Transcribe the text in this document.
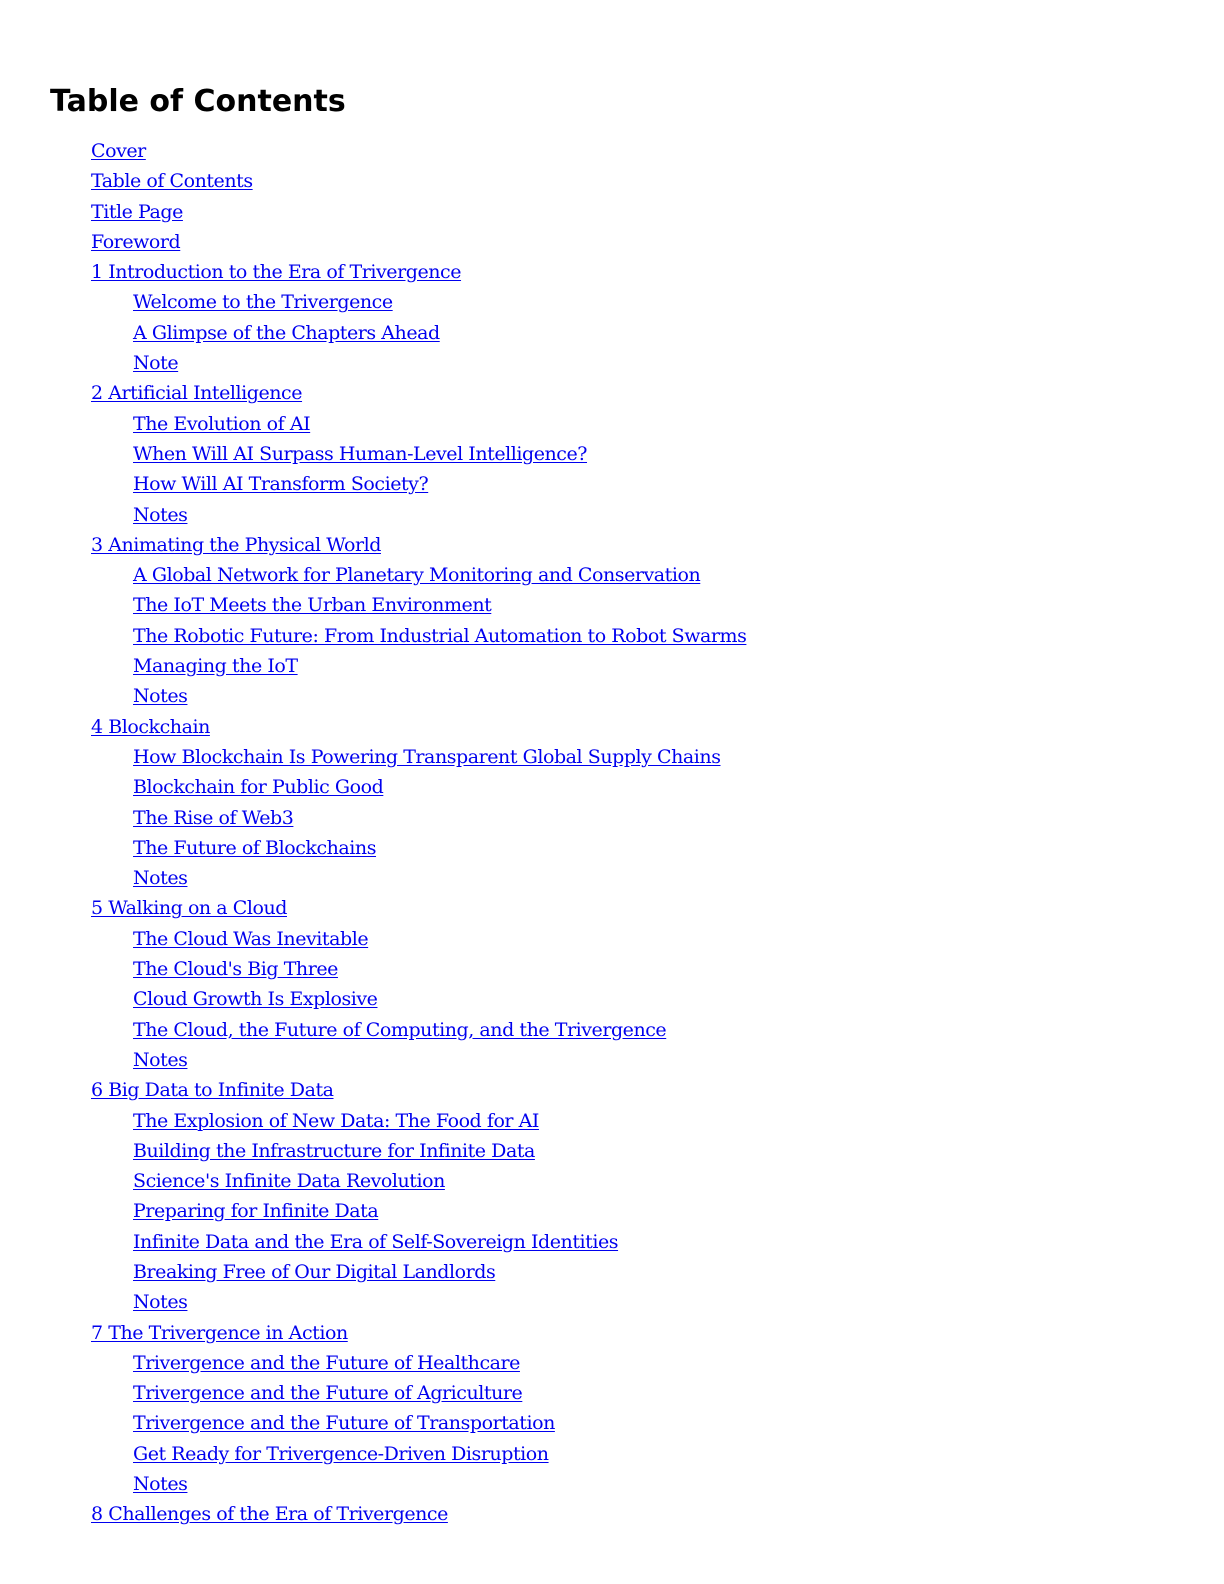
Table of Contents
Cover
Table of Contents
Title Page
Foreword
1 Introduction to the Era of Trivergence
Welcome to the Trivergence
A Glimpse of the Chapters Ahead
Note
2 Artificial Intelligence
The Evolution of AI
When Will AI Surpass Human-Level Intelligence?
How Will AI Transform Society?
Notes
3 Animating the Physical World
A Global Network for Planetary Monitoring and Conservation
The IoT Meets the Urban Environment
The Robotic Future: From Industrial Automation to Robot Swarms
Managing the IoT
Notes
4 Blockchain
How Blockchain Is Powering Transparent Global Supply Chains
Blockchain for Public Good
The Rise of Web3
The Future of Blockchains
Notes
5 Walking on a Cloud
The Cloud Was Inevitable
The Cloud's Big Three
Cloud Growth Is Explosive
The Cloud, the Future of Computing, and the Trivergence
Notes
6 Big Data to Infinite Data
The Explosion of New Data: The Food for AI
Building the Infrastructure for Infinite Data
Science's Infinite Data Revolution
Preparing for Infinite Data
Infinite Data and the Era of Self-Sovereign Identities
Breaking Free of Our Digital Landlords
Notes
7 The Trivergence in Action
Trivergence and the Future of Healthcare
Trivergence and the Future of Agriculture
Trivergence and the Future of Transportation
Get Ready for Trivergence-Driven Disruption
Notes
8 Challenges of the Era of Trivergence
